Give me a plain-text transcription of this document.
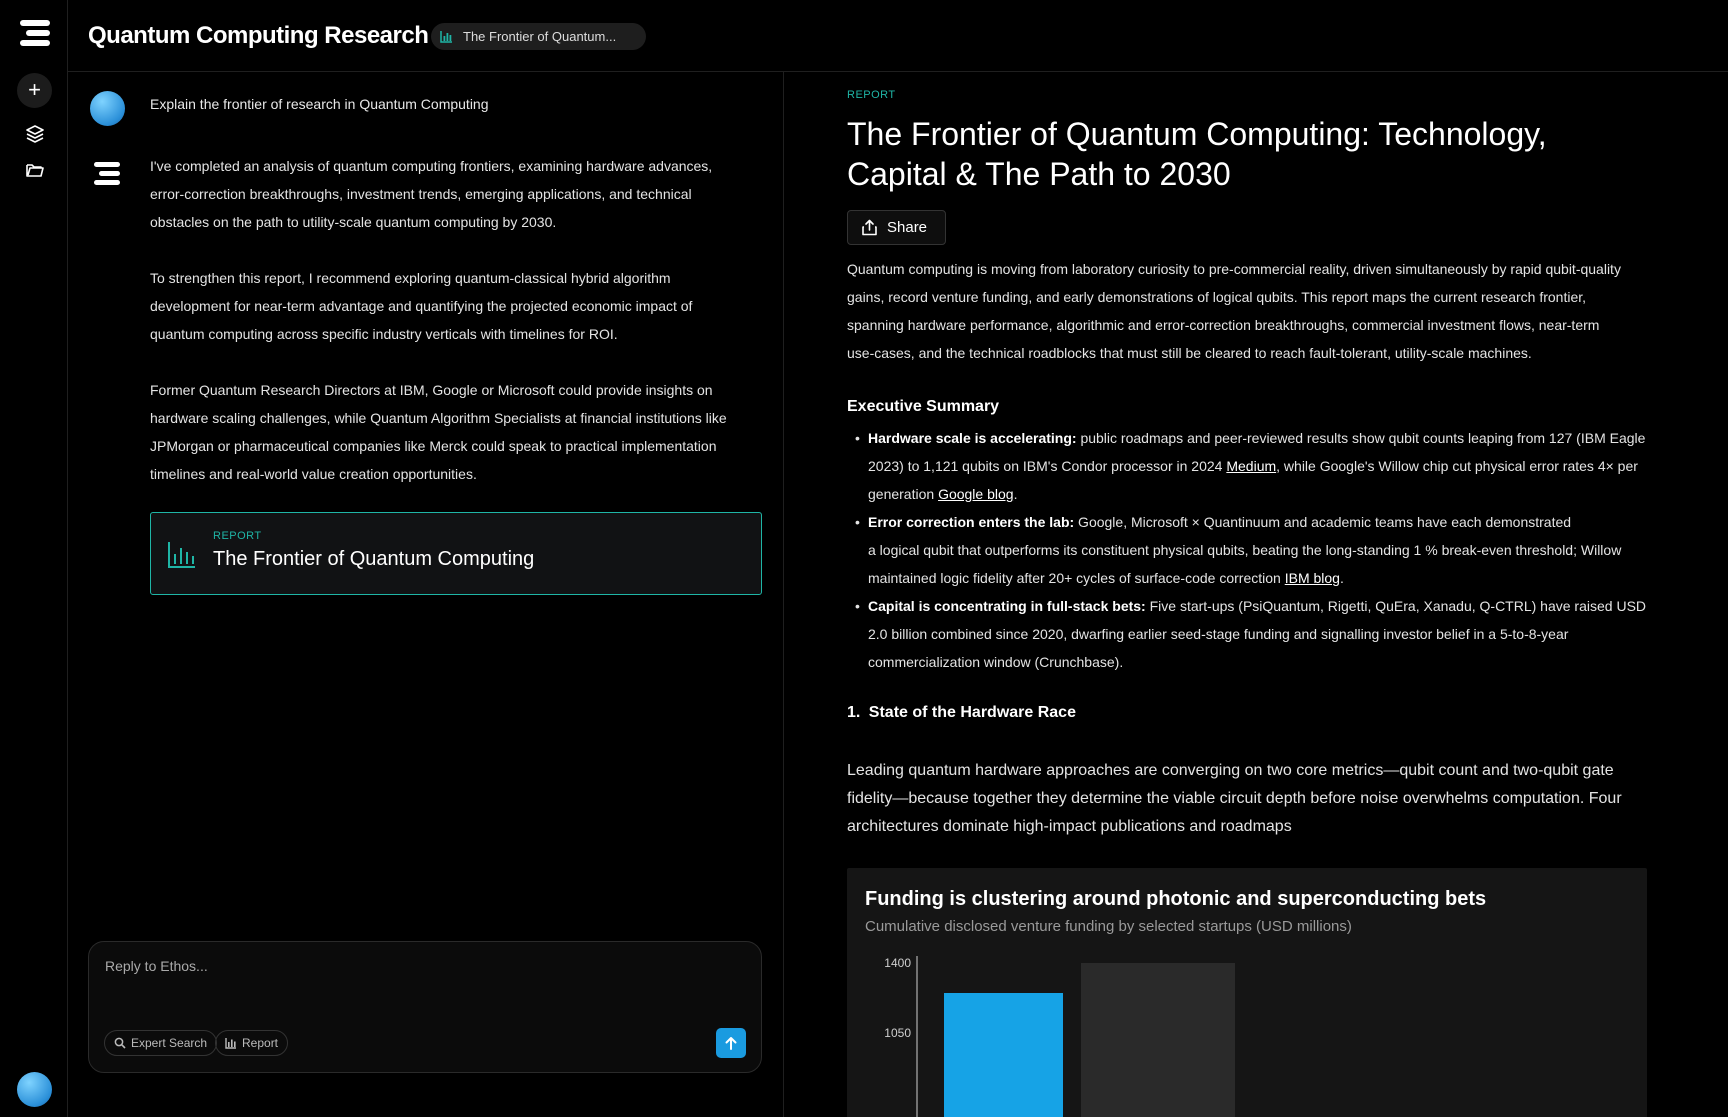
+
Quantum Computing Research	The Frontier of Quantum...
Explain the frontier of research in Quantum Computing

I've completed an analysis of quantum computing frontiers, examining hardware advances, error-correction breakthroughs, investment trends, emerging applications, and technical obstacles on the path to utility-scale quantum computing by 2030.

To strengthen this report, I recommend exploring quantum-classical hybrid algorithm development for near-term advantage and quantifying the projected economic impact of quantum computing across specific industry verticals with timelines for ROI.

Former Quantum Research Directors at IBM, Google or Microsoft could provide insights on hardware scaling challenges, while Quantum Algorithm Specialists at financial institutions like JPMorgan or pharmaceutical companies like Merck could speak to practical implementation timelines and real-world value creation opportunities.

REPORT
The Frontier of Quantum Computing
Reply to Ethos...
Expert Search	Report
REPORT
The Frontier of Quantum Computing: Technology, Capital & The Path to 2030
Share
Quantum computing is moving from laboratory curiosity to pre-commercial reality, driven simultaneously by rapid qubit-quality
gains, record venture funding, and early demonstrations of logical qubits. This report maps the current research frontier,
spanning hardware performance, algorithmic and error-correction breakthroughs, commercial investment flows, near-term
use-cases, and the technical roadblocks that must still be cleared to reach fault-tolerant, utility-scale machines.
Executive Summary
• Hardware scale is accelerating: public roadmaps and peer-reviewed results show qubit counts leaping from 127 (IBM Eagle
2023) to 1,121 qubits on IBM's Condor processor in 2024 Medium, while Google's Willow chip cut physical error rates 4× per
generation Google blog.
• Error correction enters the lab: Google, Microsoft × Quantinuum and academic teams have each demonstrated
a logical qubit that outperforms its constituent physical qubits, beating the long-standing 1 % break-even threshold; Willow
maintained logic fidelity after 20+ cycles of surface-code correction IBM blog.
• Capital is concentrating in full-stack bets: Five start-ups (PsiQuantum, Rigetti, QuEra, Xanadu, Q-CTRL) have raised USD
2.0 billion combined since 2020, dwarfing earlier seed-stage funding and signalling investor belief in a 5-to-8-year
commercialization window (Crunchbase).
1. State of the Hardware Race
Leading quantum hardware approaches are converging on two core metrics—qubit count and two-qubit gate fidelity—because together they determine the viable circuit depth before noise overwhelms computation. Four architectures dominate high-impact publications and roadmaps
Funding is clustering around photonic and superconducting bets
Cumulative disclosed venture funding by selected startups (USD millions)
1400
1050
